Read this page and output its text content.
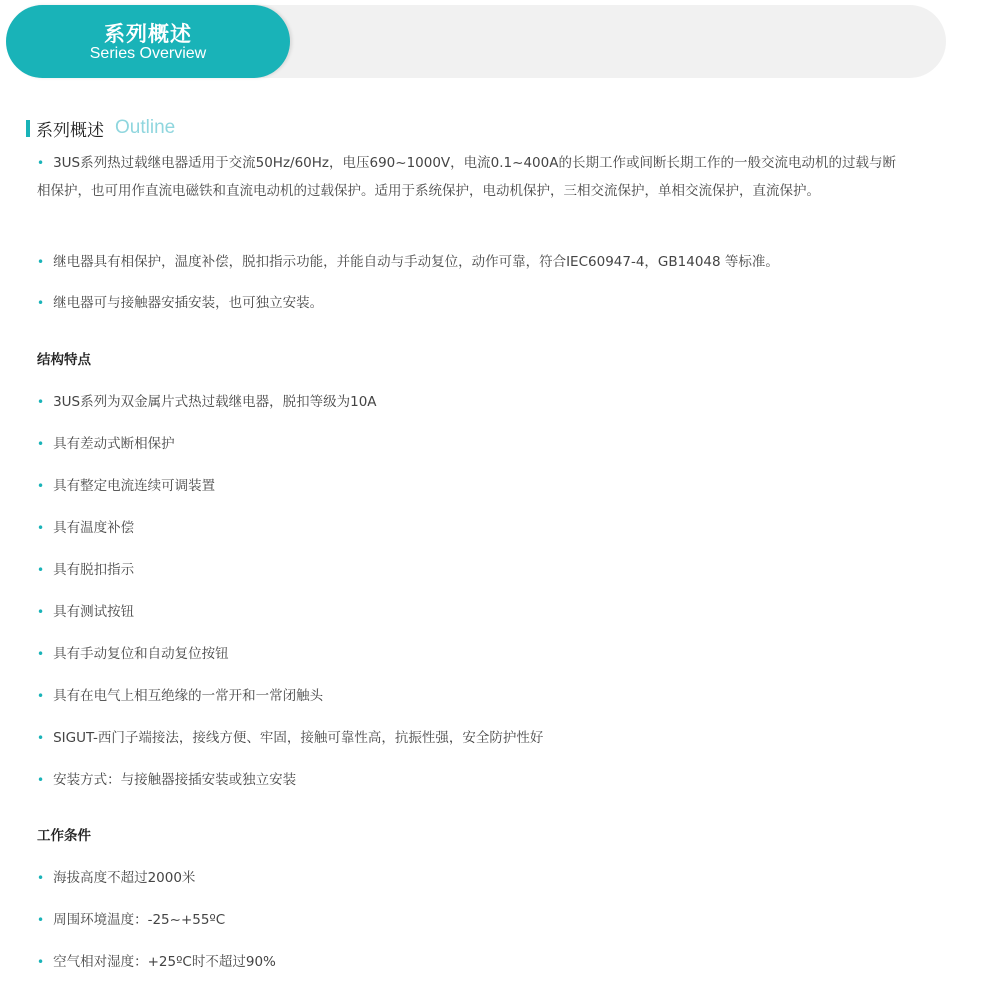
系列概述
Series Overview
系列概述 Outline
• 3US系列热过载继电器适用于交流50Hz/60Hz，电压690~1000V，电流0.1~400A的长期工作或间断长期工作的一般交流电动机的过载与断相保护，也可用作直流电磁铁和直流电动机的过载保护。适用于系统保护，电动机保护，三相交流保护，单相交流保护，直流保护。
• 继电器具有相保护，温度补偿，脱扣指示功能，并能自动与手动复位，动作可靠，符合IEC60947-4，GB14048 等标准。
• 继电器可与接触器安插安装，也可独立安装。
结构特点
• 3US系列为双金属片式热过载继电器，脱扣等级为10A
• 具有差动式断相保护
• 具有整定电流连续可调装置
• 具有温度补偿
• 具有脱扣指示
• 具有测试按钮
• 具有手动复位和自动复位按钮
• 具有在电气上相互绝缘的一常开和一常闭触头
• SIGUT-西门子端接法，接线方便、牢固，接触可靠性高，抗振性强，安全防护性好
• 安装方式：与接触器接插安装或独立安装
工作条件
• 海拔高度不超过2000米
• 周围环境温度：-25~+55ºC
• 空气相对湿度：+25ºC时不超过90%
